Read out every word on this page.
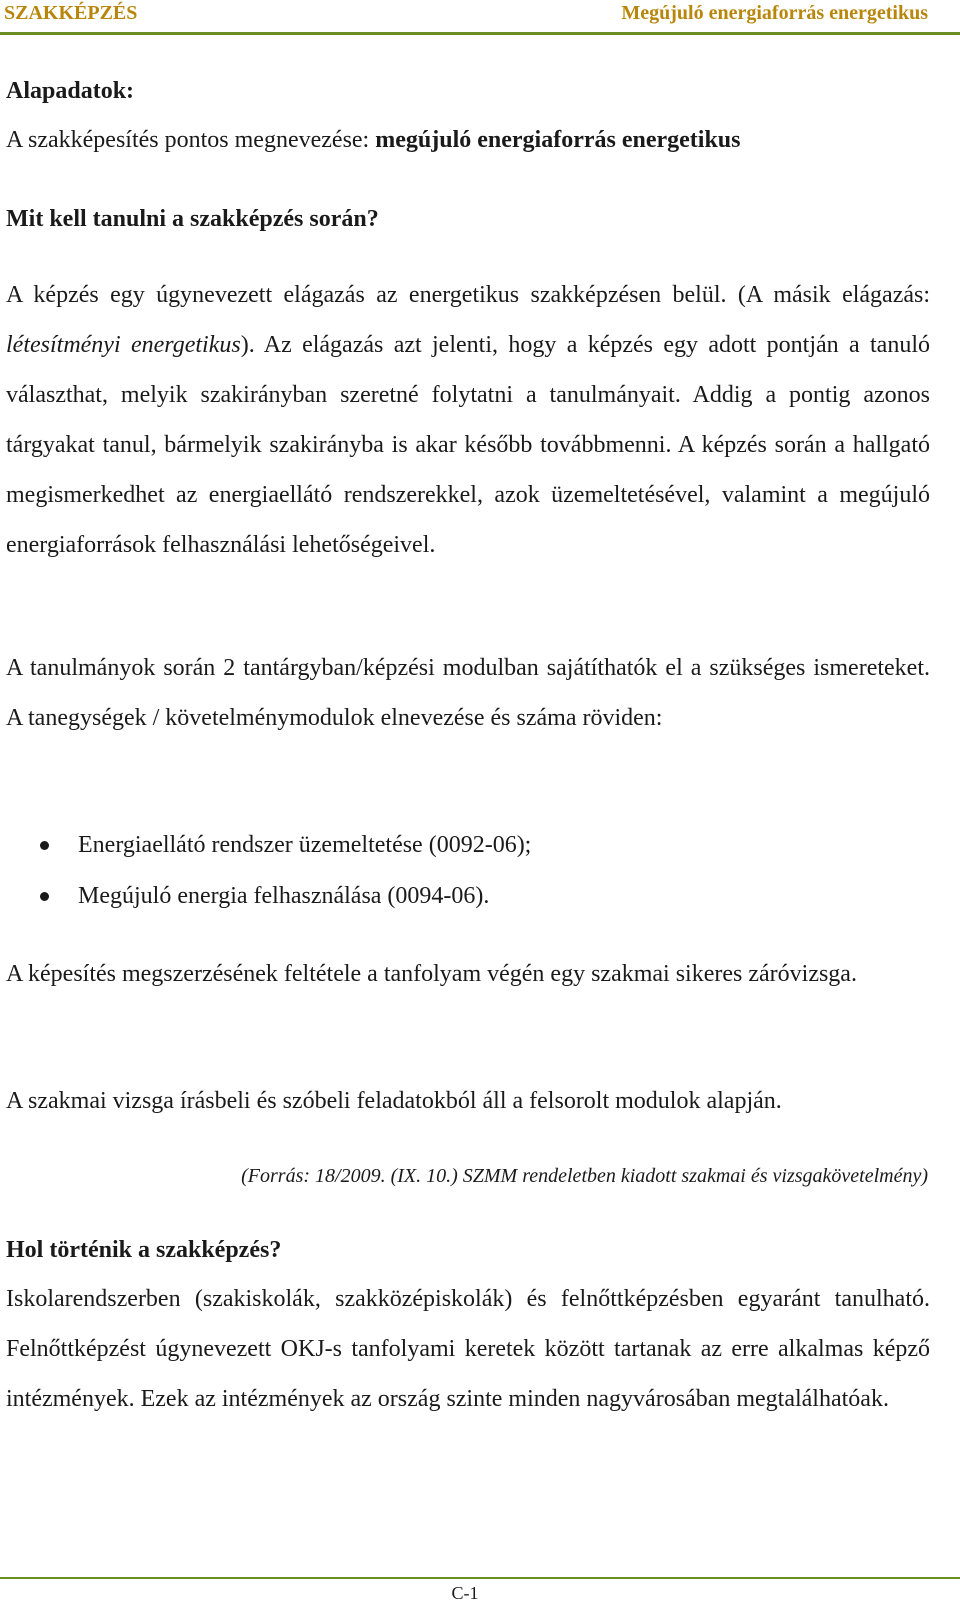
SZAKKÉPZÉS	Megújuló energiaforrás energetikus

Alapadatok:

A szakképesítés pontos megnevezése: megújuló energiaforrás energetikus

Mit kell tanulni a szakképzés során?

A képzés egy úgynevezett elágazás az energetikus szakképzésen belül. (A másik elágazás: létesítményi energetikus). Az elágazás azt jelenti, hogy a képzés egy adott pontján a tanuló választhat, melyik szakirányban szeretné folytatni a tanulmányait. Addig a pontig azonos tárgyakat tanul, bármelyik szakirányba is akar később továbbmenni. A képzés során a hallgató megismerkedhet az energiaellátó rendszerekkel, azok üzemeltetésével, valamint a megújuló energiaforrások felhasználási lehetőségeivel.

A tanulmányok során 2 tantárgyban/képzési modulban sajátíthatók el a szükséges ismereteket. A tanegységek / követelménymodulok elnevezése és száma röviden:

Energiaellátó rendszer üzemeltetése (0092-06);
Megújuló energia felhasználása (0094-06).

A képesítés megszerzésének feltétele a tanfolyam végén egy szakmai sikeres záróvizsga.

A szakmai vizsga írásbeli és szóbeli feladatokból áll a felsorolt modulok alapján.

(Forrás: 18/2009. (IX. 10.) SZMM rendeletben kiadott szakmai és vizsgakövetelmény)

Hol történik a szakképzés?

Iskolarendszerben (szakiskolák, szakközépiskolák) és felnőttképzésben egyaránt tanulható. Felnőttképzést úgynevezett OKJ-s tanfolyami keretek között tartanak az erre alkalmas képző intézmények. Ezek az intézmények az ország szinte minden nagyvárosában megtalálhatóak.

C-1
